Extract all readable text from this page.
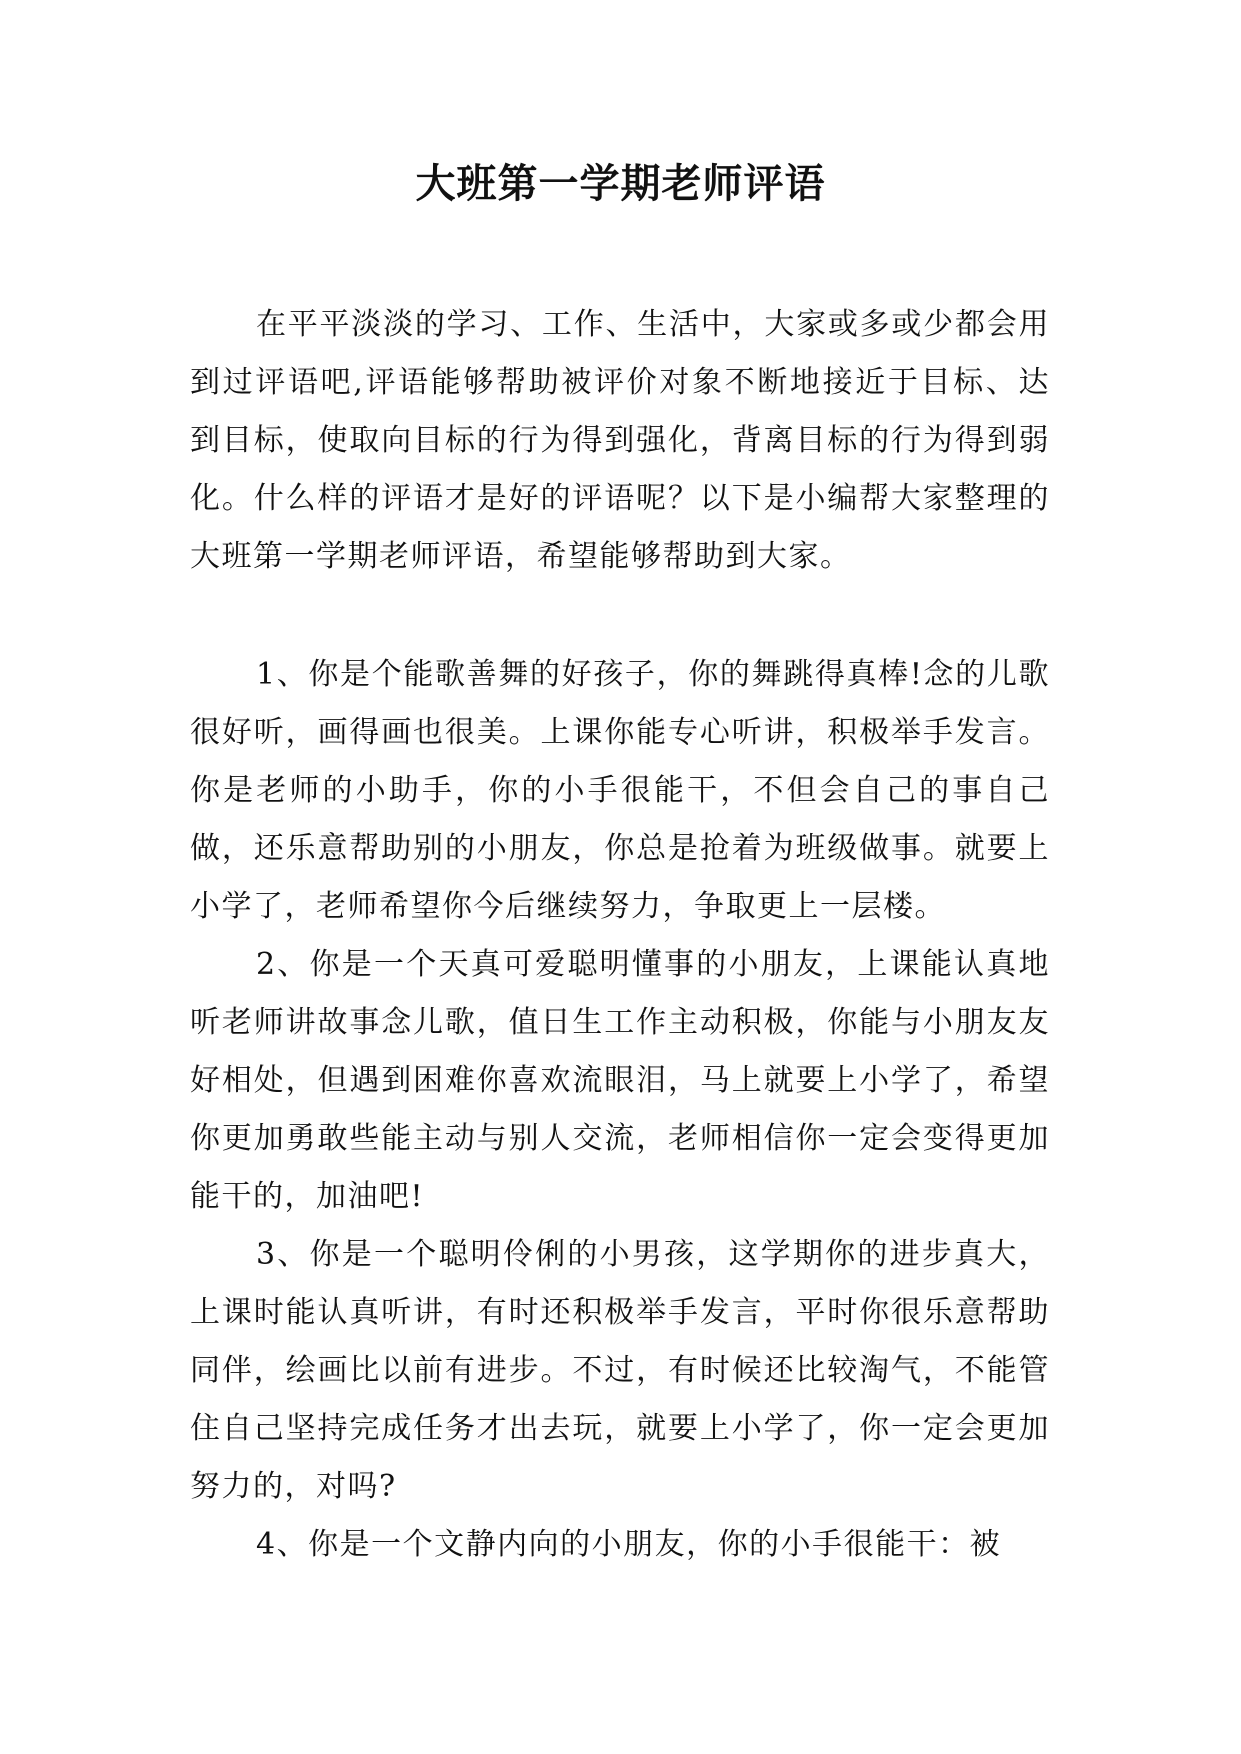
大班第一学期老师评语

在平平淡淡的学习、工作、生活中，大家或多或少都会用到过评语吧,评语能够帮助被评价对象不断地接近于目标、达到目标，使取向目标的行为得到强化，背离目标的行为得到弱化。什么样的评语才是好的评语呢？以下是小编帮大家整理的大班第一学期老师评语，希望能够帮助到大家。

1、你是个能歌善舞的好孩子，你的舞跳得真棒!念的儿歌很好听，画得画也很美。上课你能专心听讲，积极举手发言。你是老师的小助手，你的小手很能干，不但会自己的事自己做，还乐意帮助别的小朋友，你总是抢着为班级做事。就要上小学了，老师希望你今后继续努力，争取更上一层楼。

2、你是一个天真可爱聪明懂事的小朋友，上课能认真地听老师讲故事念儿歌，值日生工作主动积极，你能与小朋友友好相处，但遇到困难你喜欢流眼泪，马上就要上小学了，希望你更加勇敢些能主动与别人交流，老师相信你一定会变得更加能干的，加油吧!

3、你是一个聪明伶俐的小男孩，这学期你的进步真大，上课时能认真听讲，有时还积极举手发言，平时你很乐意帮助同伴，绘画比以前有进步。不过，有时候还比较淘气，不能管住自己坚持完成任务才出去玩，就要上小学了，你一定会更加努力的，对吗?

4、你是一个文静内向的小朋友，你的小手很能干：被
